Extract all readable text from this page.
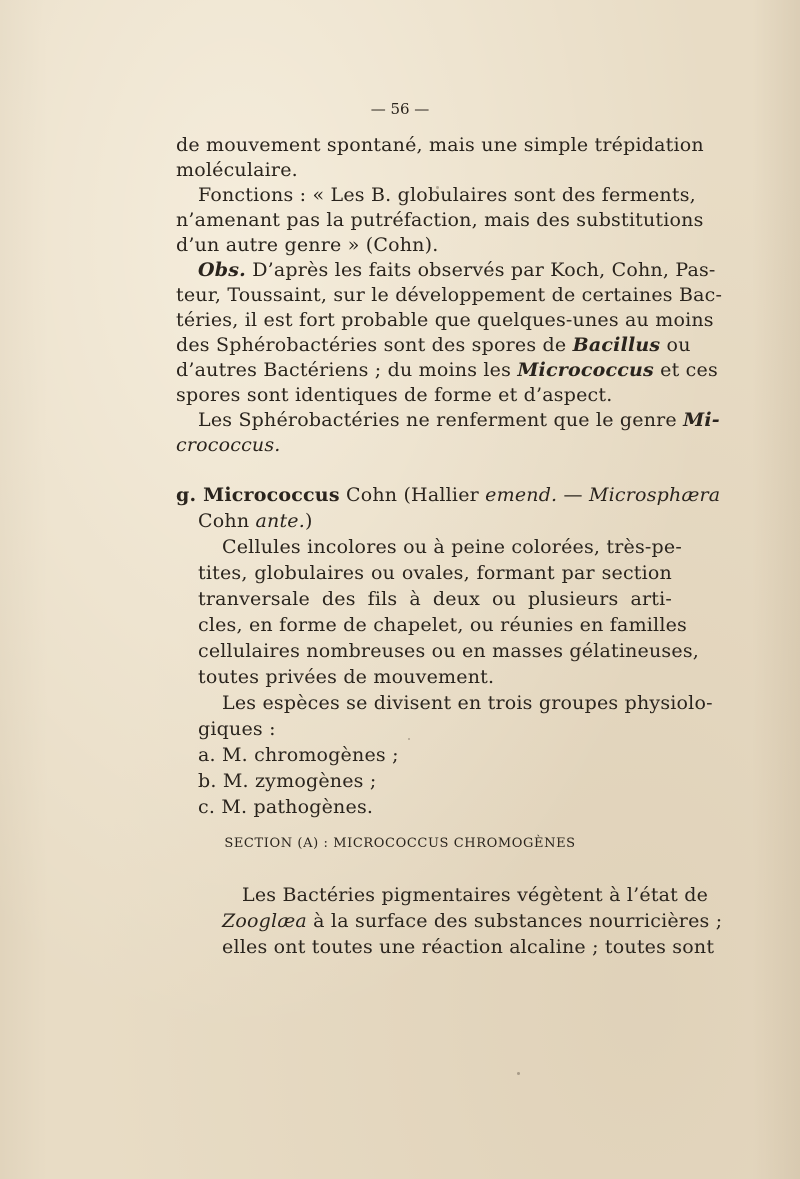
— 56 —
de mouvement spontané, mais une simple trépidation
moléculaire.
Fonctions : « Les B. globulaires sont des ferments,
n’amenant pas la putréfaction, mais des substitutions
d’un autre genre » (Cohn).
Obs. D’après les faits observés par Koch, Cohn, Pas-
teur, Toussaint, sur le développement de certaines Bac-
téries, il est fort probable que quelques-unes au moins
des Sphérobactéries sont des spores de Bacillus ou
d’autres Bactériens ; du moins les Micrococcus et ces
spores sont identiques de forme et d’aspect.
Les Sphérobactéries ne renferment que le genre Mi-
crococcus.
g. Micrococcus Cohn (Hallier emend. — Microsphæra
Cohn ante.)
Cellules incolores ou à peine colorées, très-pe-
tites, globulaires ou ovales, formant par section
tranversale des fils à deux ou plusieurs arti-
cles, en forme de chapelet, ou réunies en familles
cellulaires nombreuses ou en masses gélatineuses,
toutes privées de mouvement.
Les espèces se divisent en trois groupes physiolo-
giques :
a. M. chromogènes ;
b. M. zymogènes ;
c. M. pathogènes.
Les Bactéries pigmentaires végètent à l’état de
Zooglæa à la surface des substances nourricières ;
elles ont toutes une réaction alcaline ; toutes sont
SECTION (A) : MICROCOCCUS CHROMOGÈNES
